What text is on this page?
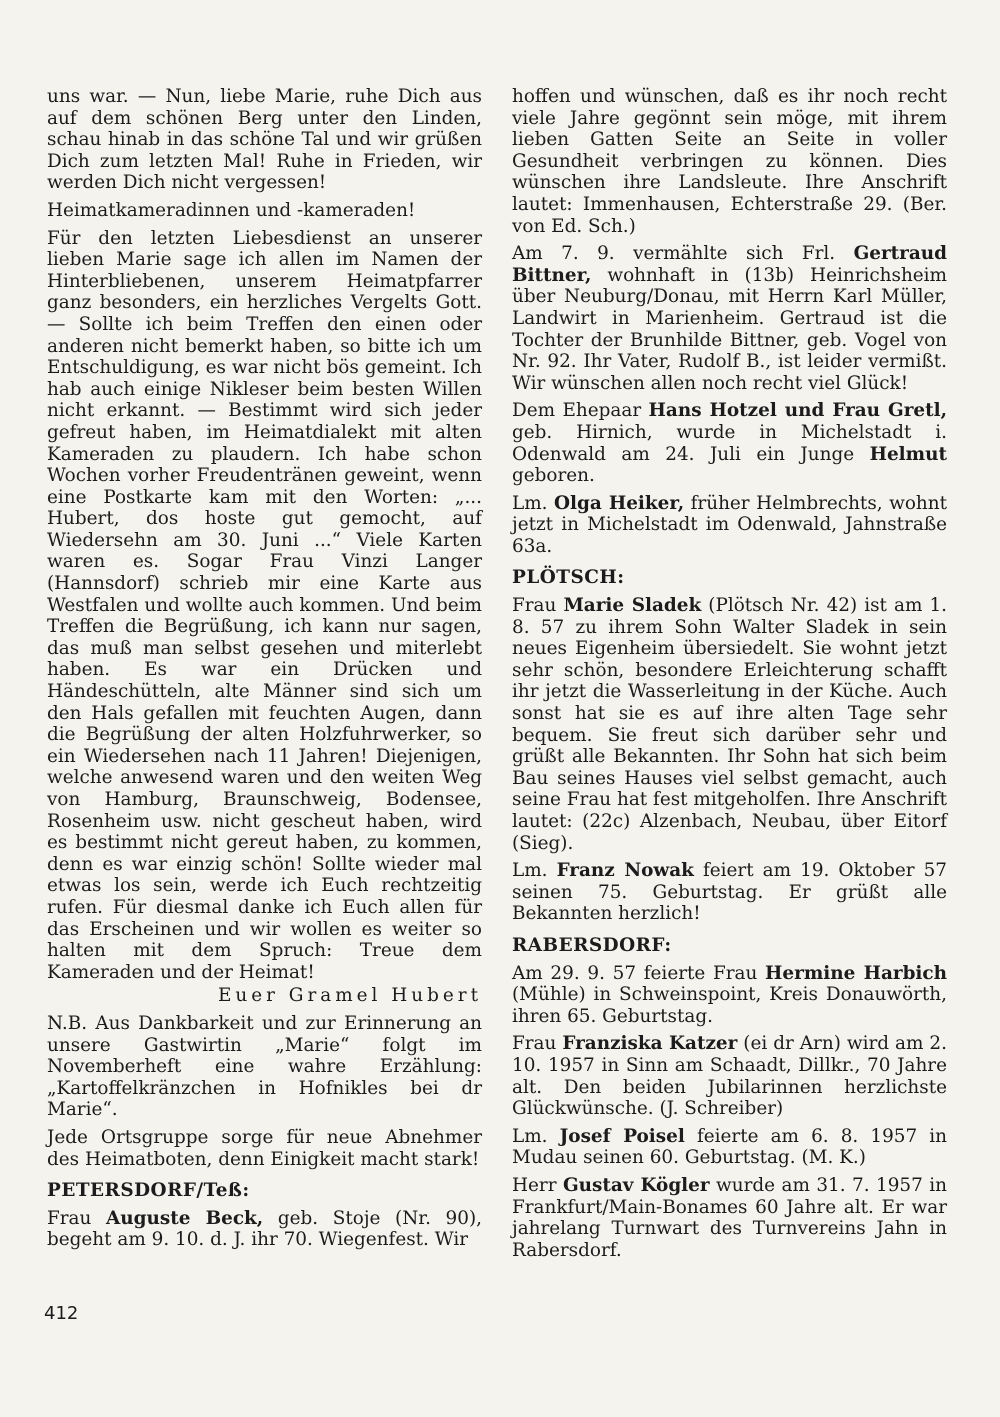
uns war. — Nun, liebe Marie, ruhe Dich aus auf dem schönen Berg unter den Linden, schau hinab in das schöne Tal und wir grüßen Dich zum letzten Mal! Ruhe in Frieden, wir werden Dich nicht vergessen!

Heimatkameradinnen und -kameraden!

Für den letzten Liebesdienst an unserer lieben Marie sage ich allen im Namen der Hinterbliebenen, unserem Heimatpfarrer ganz besonders, ein herzliches Vergelts Gott. — Sollte ich beim Treffen den einen oder anderen nicht bemerkt haben, so bitte ich um Entschuldigung, es war nicht bös gemeint. Ich hab auch einige Nikleser beim besten Willen nicht erkannt. — Bestimmt wird sich jeder gefreut haben, im Heimatdialekt mit alten Kameraden zu plaudern. Ich habe schon Wochen vorher Freudentränen geweint, wenn eine Postkarte kam mit den Worten: „... Hubert, dos hoste gut gemocht, auf Wiedersehn am 30. Juni ...“ Viele Karten waren es. Sogar Frau Vinzi Langer (Hannsdorf) schrieb mir eine Karte aus Westfalen und wollte auch kommen. Und beim Treffen die Begrüßung, ich kann nur sagen, das muß man selbst gesehen und miterlebt haben. Es war ein Drücken und Händeschütteln, alte Männer sind sich um den Hals gefallen mit feuchten Augen, dann die Begrüßung der alten Holzfuhrwerker, so ein Wiedersehen nach 11 Jahren! Diejenigen, welche anwesend waren und den weiten Weg von Hamburg, Braunschweig, Bodensee, Rosenheim usw. nicht gescheut haben, wird es bestimmt nicht gereut haben, zu kommen, denn es war einzig schön! Sollte wieder mal etwas los sein, werde ich Euch rechtzeitig rufen. Für diesmal danke ich Euch allen für das Erscheinen und wir wollen es weiter so halten mit dem Spruch: Treue dem Kameraden und der Heimat!

Euer Gramel Hubert

N.B. Aus Dankbarkeit und zur Erinnerung an unsere Gastwirtin „Marie“ folgt im Novemberheft eine wahre Erzählung: „Kartoffelkränzchen in Hofnikles bei dr Marie“.

Jede Ortsgruppe sorge für neue Abnehmer des Heimatboten, denn Einigkeit macht stark!

PETERSDORF/Teß:

Frau Auguste Beck, geb. Stoje (Nr. 90), begeht am 9. 10. d. J. ihr 70. Wiegenfest. Wir

hoffen und wünschen, daß es ihr noch recht viele Jahre gegönnt sein möge, mit ihrem lieben Gatten Seite an Seite in voller Gesundheit verbringen zu können. Dies wünschen ihre Landsleute. Ihre Anschrift lautet: Immenhausen, Echterstraße 29. (Ber. von Ed. Sch.)

Am 7. 9. vermählte sich Frl. Gertraud Bittner, wohnhaft in (13b) Heinrichsheim über Neuburg/Donau, mit Herrn Karl Müller, Landwirt in Marienheim. Gertraud ist die Tochter der Brunhilde Bittner, geb. Vogel von Nr. 92. Ihr Vater, Rudolf B., ist leider vermißt. Wir wünschen allen noch recht viel Glück!

Dem Ehepaar Hans Hotzel und Frau Gretl, geb. Hirnich, wurde in Michelstadt i. Odenwald am 24. Juli ein Junge Helmut geboren.

Lm. Olga Heiker, früher Helmbrechts, wohnt jetzt in Michelstadt im Odenwald, Jahnstraße 63a.

PLÖTSCH:

Frau Marie Sladek (Plötsch Nr. 42) ist am 1. 8. 57 zu ihrem Sohn Walter Sladek in sein neues Eigenheim übersiedelt. Sie wohnt jetzt sehr schön, besondere Erleichterung schafft ihr jetzt die Wasserleitung in der Küche. Auch sonst hat sie es auf ihre alten Tage sehr bequem. Sie freut sich darüber sehr und grüßt alle Bekannten. Ihr Sohn hat sich beim Bau seines Hauses viel selbst gemacht, auch seine Frau hat fest mitgeholfen. Ihre Anschrift lautet: (22c) Alzenbach, Neubau, über Eitorf (Sieg).

Lm. Franz Nowak feiert am 19. Oktober 57 seinen 75. Geburtstag. Er grüßt alle Bekannten herzlich!

RABERSDORF:

Am 29. 9. 57 feierte Frau Hermine Harbich (Mühle) in Schweinspoint, Kreis Donauwörth, ihren 65. Geburtstag.

Frau Franziska Katzer (ei dr Arn) wird am 2. 10. 1957 in Sinn am Schaadt, Dillkr., 70 Jahre alt. Den beiden Jubilarinnen herzlichste Glückwünsche. (J. Schreiber)

Lm. Josef Poisel feierte am 6. 8. 1957 in Mudau seinen 60. Geburtstag. (M. K.)

Herr Gustav Kögler wurde am 31. 7. 1957 in Frankfurt/Main-Bonames 60 Jahre alt. Er war jahrelang Turnwart des Turnvereins Jahn in Rabersdorf.

412
